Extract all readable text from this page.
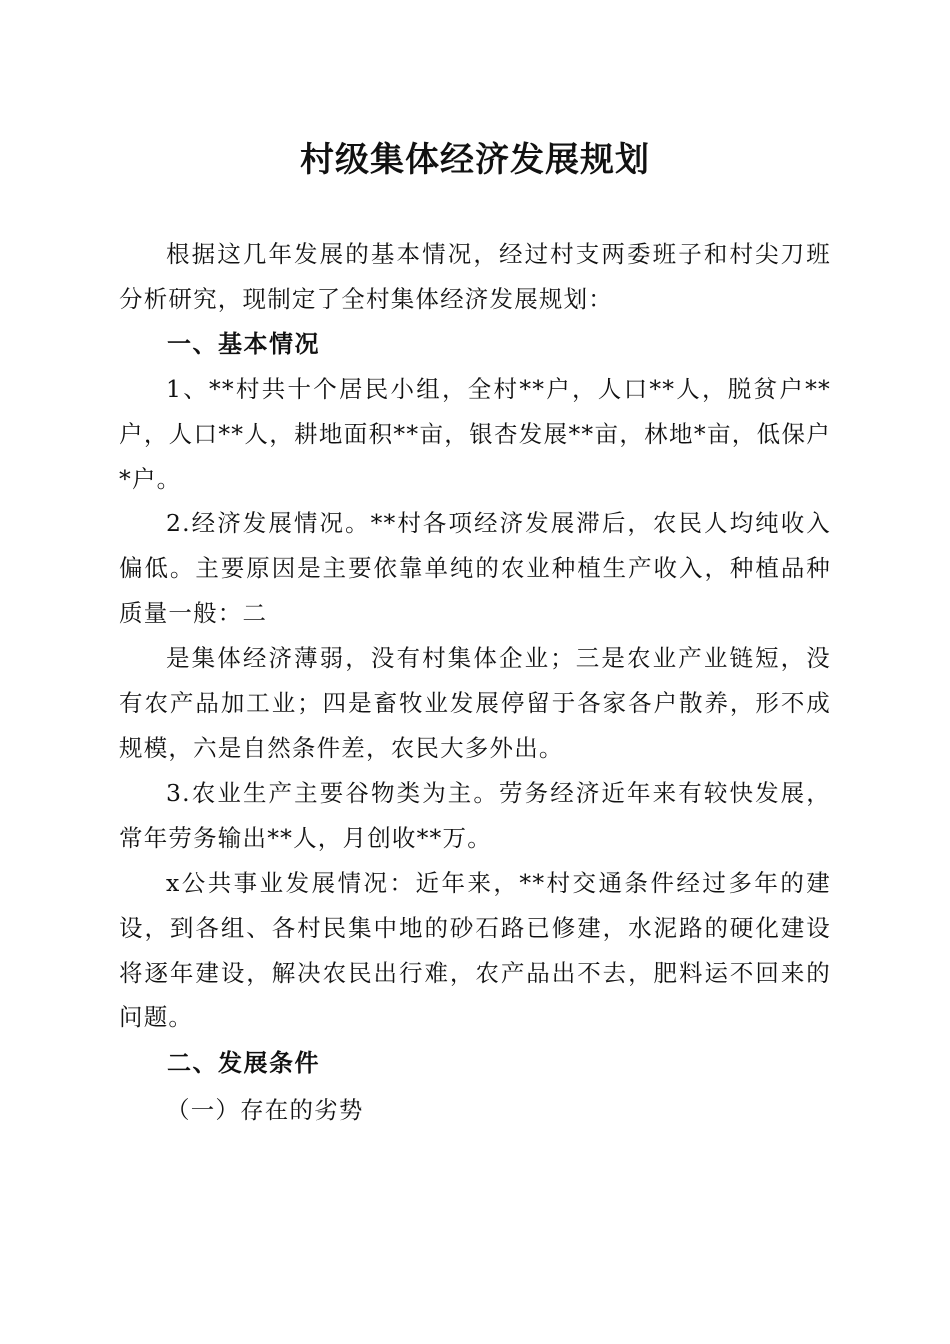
村级集体经济发展规划

根据这几年发展的基本情况，经过村支两委班子和村尖刀班分析研究，现制定了全村集体经济发展规划：

一、基本情况

1、**村共十个居民小组，全村**户，人口**人，脱贫户**户，人口**人，耕地面积**亩，银杏发展**亩，林地*亩，低保户*户。

2.经济发展情况。**村各项经济发展滞后，农民人均纯收入偏低。主要原因是主要依靠单纯的农业种植生产收入，种植品种质量一般：二

是集体经济薄弱，没有村集体企业；三是农业产业链短，没有农产品加工业；四是畜牧业发展停留于各家各户散养，形不成规模，六是自然条件差，农民大多外出。

3.农业生产主要谷物类为主。劳务经济近年来有较快发展，常年劳务输出**人，月创收**万。

x公共事业发展情况：近年来，**村交通条件经过多年的建设，到各组、各村民集中地的砂石路已修建，水泥路的硬化建设将逐年建设，解决农民出行难，农产品出不去，肥料运不回来的问题。

二、发展条件

（一）存在的劣势
